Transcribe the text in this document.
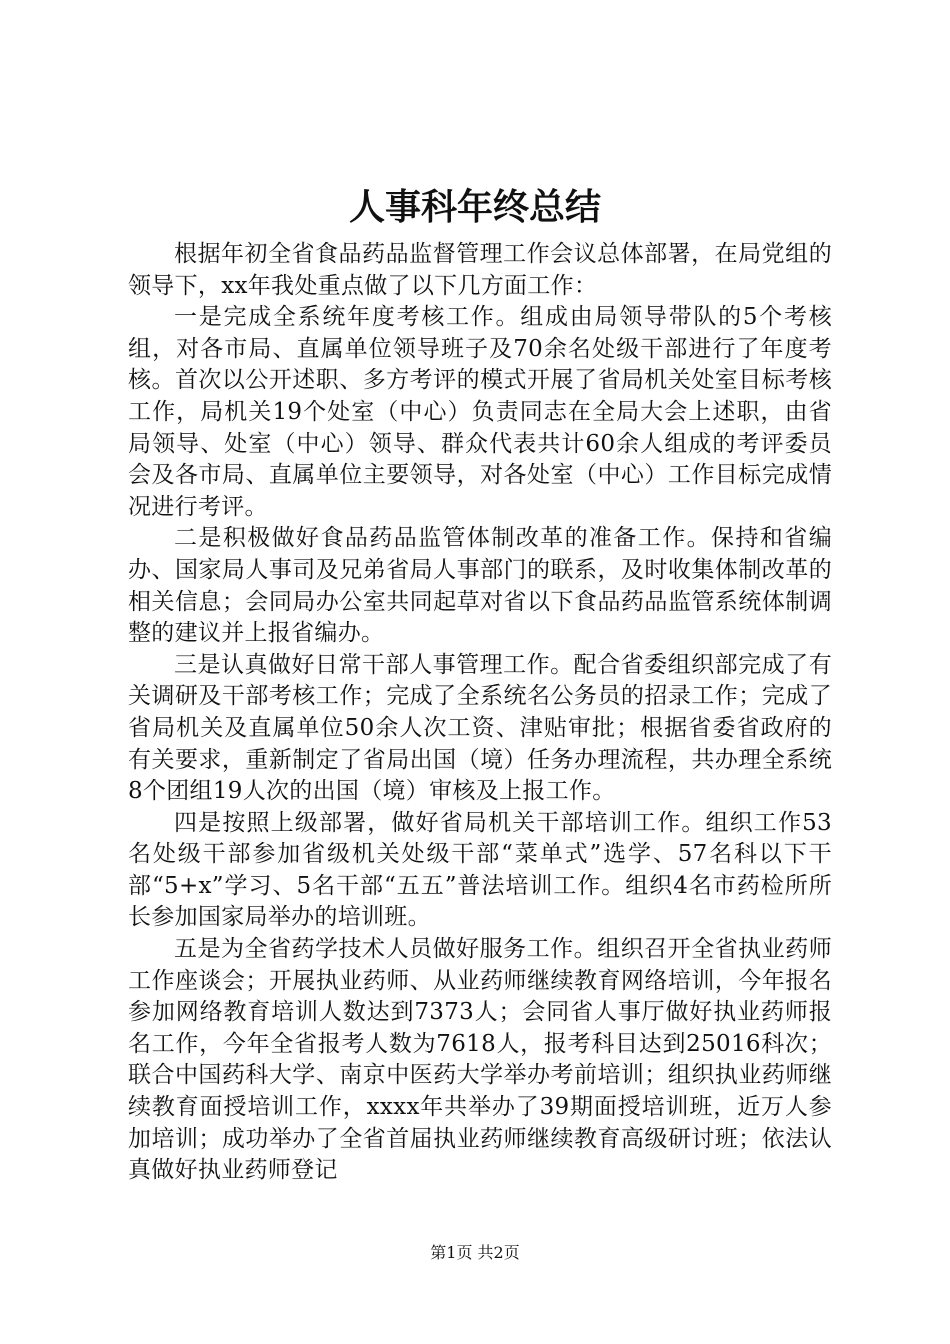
人事科年终总结

根据年初全省食品药品监督管理工作会议总体部署，在局党组的领导下，xx年我处重点做了以下几方面工作：

一是完成全系统年度考核工作。组成由局领导带队的5个考核组，对各市局、直属单位领导班子及70余名处级干部进行了年度考核。首次以公开述职、多方考评的模式开展了省局机关处室目标考核工作，局机关19个处室（中心）负责同志在全局大会上述职，由省局领导、处室（中心）领导、群众代表共计60余人组成的考评委员会及各市局、直属单位主要领导，对各处室（中心）工作目标完成情况进行考评。

二是积极做好食品药品监管体制改革的准备工作。保持和省编办、国家局人事司及兄弟省局人事部门的联系，及时收集体制改革的相关信息；会同局办公室共同起草对省以下食品药品监管系统体制调整的建议并上报省编办。

三是认真做好日常干部人事管理工作。配合省委组织部完成了有关调研及干部考核工作；完成了全系统名公务员的招录工作；完成了省局机关及直属单位50余人次工资、津贴审批；根据省委省政府的有关要求，重新制定了省局出国（境）任务办理流程，共办理全系统8个团组19人次的出国（境）审核及上报工作。

四是按照上级部署，做好省局机关干部培训工作。组织工作53名处级干部参加省级机关处级干部“菜单式”选学、57名科以下干部“5+x”学习、5名干部“五五”普法培训工作。组织4名市药检所所长参加国家局举办的培训班。

五是为全省药学技术人员做好服务工作。组织召开全省执业药师工作座谈会；开展执业药师、从业药师继续教育网络培训，今年报名参加网络教育培训人数达到7373人；会同省人事厅做好执业药师报名工作，今年全省报考人数为7618人，报考科目达到25016科次；联合中国药科大学、南京中医药大学举办考前培训；组织执业药师继续教育面授培训工作，xxxx年共举办了39期面授培训班，近万人参加培训；成功举办了全省首届执业药师继续教育高级研讨班；依法认真做好执业药师登记

第1页 共2页
